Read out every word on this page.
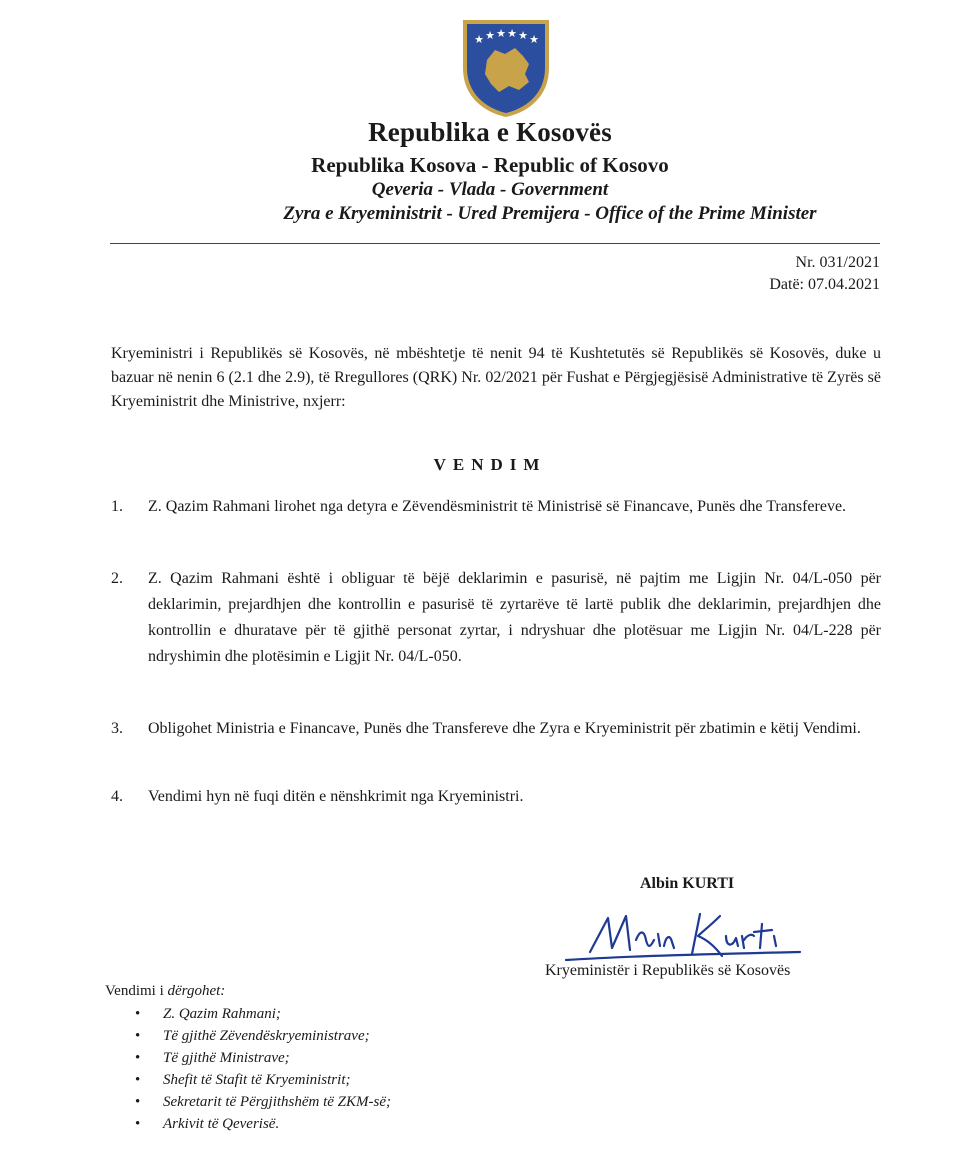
★ ★ ★ ★ ★ ★
Republika e Kosovës
Republika Kosova - Republic of Kosovo
Qeveria - Vlada - Government
Zyra e Kryeministrit - Ured Premijera - Office of the Prime Minister
Nr. 031/2021
Datë: 07.04.2021
Kryeministri i Republikës së Kosovës, në mbështetje të nenit 94 të Kushtetutës së Republikës së Kosovës, duke u bazuar në nenin 6 (2.1 dhe 2.9), të Rregullores (QRK) Nr. 02/2021 për Fushat e Përgjegjësisë Administrative të Zyrës së Kryeministrit dhe Ministrive, nxjerr:
VENDIM
1. Z. Qazim Rahmani lirohet nga detyra e Zëvendësministrit të Ministrisë së Financave, Punës dhe Transfereve.
2. Z. Qazim Rahmani është i obliguar të bëjë deklarimin e pasurisë, në pajtim me Ligjin Nr. 04/L-050 për deklarimin, prejardhjen dhe kontrollin e pasurisë të zyrtarëve të lartë publik dhe deklarimin, prejardhjen dhe kontrollin e dhuratave për të gjithë personat zyrtar, i ndryshuar dhe plotësuar me Ligjin Nr. 04/L-228 për ndryshimin dhe plotësimin e Ligjit Nr. 04/L-050.
3. Obligohet Ministria e Financave, Punës dhe Transfereve dhe Zyra e Kryeministrit për zbatimin e këtij Vendimi.
4. Vendimi hyn në fuqi ditën e nënshkrimit nga Kryeministri.
Albin KURTI
Kryeministër i Republikës së Kosovës
Vendimi i dërgohet:
• Z. Qazim Rahmani;
• Të gjithë Zëvendëskryeministrave;
• Të gjithë Ministrave;
• Shefit të Stafit të Kryeministrit;
• Sekretarit të Përgjithshëm të ZKM-së;
• Arkivit të Qeverisë.
